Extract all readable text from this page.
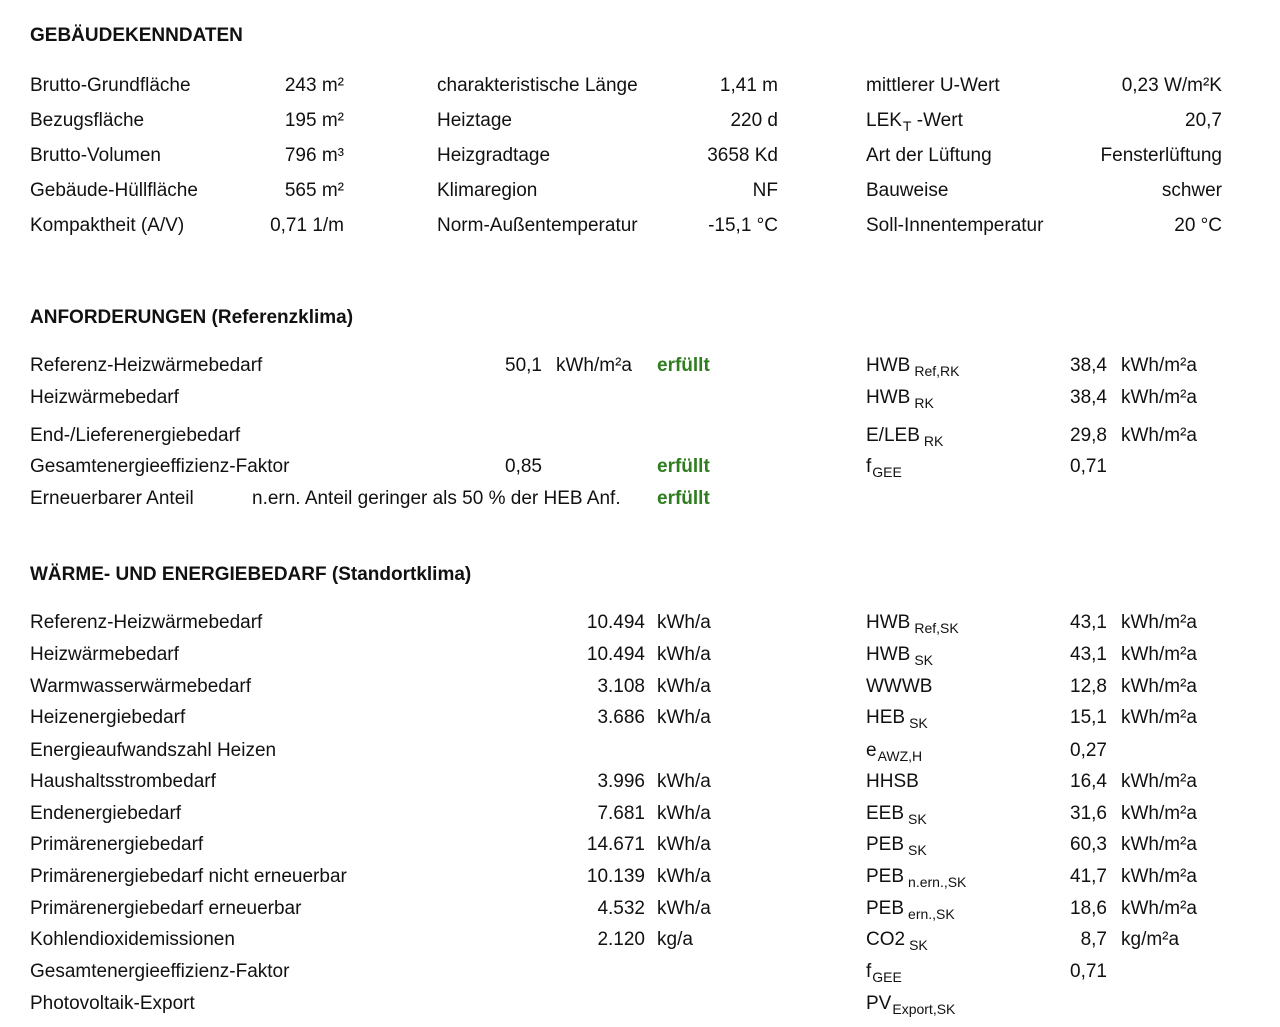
GEBÄUDEKENNDATEN
Brutto-Grundfläche	243 m²	charakteristische Länge	1,41 m	mittlerer U-Wert	0,23 W/m²K
Bezugsfläche	195 m²	Heiztage	220 d	$LEK_T$ -Wert	20,7
Brutto-Volumen	796 m³	Heizgradtage	3658 Kd	Art der Lüftung	Fensterlüftung
Gebäude-Hüllfläche	565 m²	Klimaregion	NF	Bauweise	schwer
Kompaktheit (A/V)	0,71 1/m	Norm-Außentemperatur	-15,1 °C	Soll-Innentemperatur	20 °C
ANFORDERUNGEN (Referenzklima)
Referenz-Heizwärmebedarf	50,1 kWh/m²a erfüllt	HWB $_{Ref,RK}$	38,4 kWh/m²a
Heizwärmebedarf	HWB $_{RK}$	38,4 kWh/m²a
End-/Lieferenergiebedarf	E/LEB $_{RK}$	29,8 kWh/m²a
Gesamtenergieeffizienz-Faktor	0,85	erfüllt	$f_{GEE}$	0,71
Erneuerbarer Anteil	n.ern. Anteil geringer als 50 % der HEB Anf. erfüllt
WÄRME- UND ENERGIEBEDARF (Standortklima)
Referenz-Heizwärmebedarf	10.494 kWh/a	HWB $_{Ref,SK}$	43,1 kWh/m²a
Heizwärmebedarf	10.494 kWh/a	HWB $_{SK}$	43,1 kWh/m²a
Warmwasserwärmebedarf	3.108 kWh/a	WWWB	12,8 kWh/m²a
Heizenergiebedarf	3.686 kWh/a	HEB $_{SK}$	15,1 kWh/m²a
Energieaufwandszahl Heizen	$e_{AWZ,H}$	0,27
Haushaltsstrombedarf	3.996 kWh/a	HHSB	16,4 kWh/m²a
Endenergiebedarf	7.681 kWh/a	EEB $_{SK}$	31,6 kWh/m²a
Primärenergiebedarf	14.671 kWh/a	PEB $_{SK}$	60,3 kWh/m²a
Primärenergiebedarf nicht erneuerbar	10.139 kWh/a	PEB $_{n.ern.,SK}$	41,7 kWh/m²a
Primärenergiebedarf erneuerbar	4.532 kWh/a	PEB $_{ern.,SK}$	18,6 kWh/m²a
Kohlendioxidemissionen	2.120 kg/a	CO2 $_{SK}$	8,7 kg/m²a
Gesamtenergieeffizienz-Faktor	$f_{GEE}$	0,71
Photovoltaik-Export	$PV_{Export,SK}$
